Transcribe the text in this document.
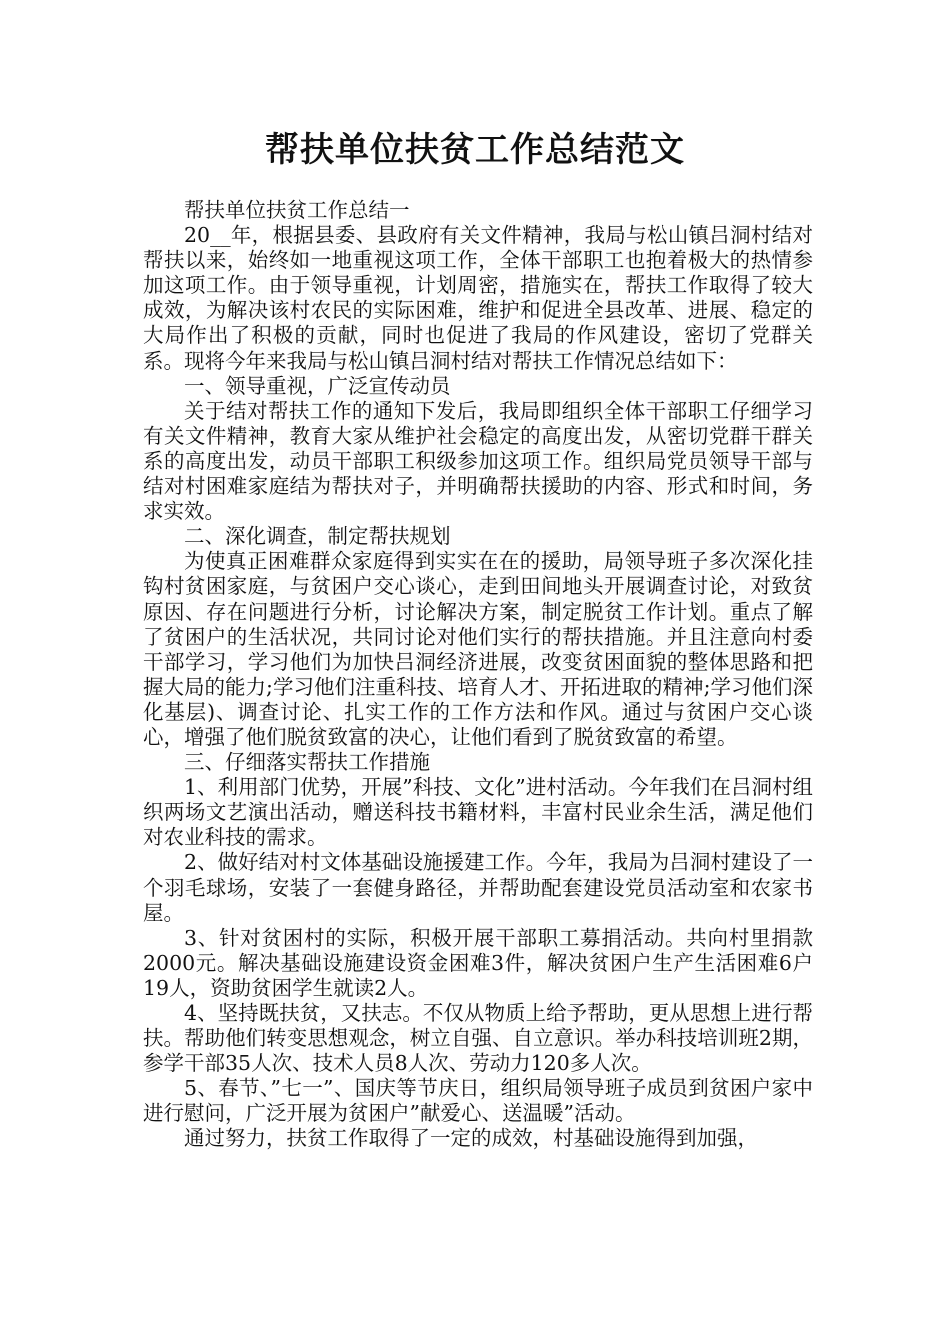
帮扶单位扶贫工作总结范文

帮扶单位扶贫工作总结一

20__年，根据县委、县政府有关文件精神，我局与松山镇吕洞村结对帮扶以来，始终如一地重视这项工作，全体干部职工也抱着极大的热情参加这项工作。由于领导重视，计划周密，措施实在，帮扶工作取得了较大成效，为解决该村农民的实际困难，维护和促进全县改革、进展、稳定的大局作出了积极的贡献，同时也促进了我局的作风建设，密切了党群关系。现将今年来我局与松山镇吕洞村结对帮扶工作情况总结如下：

一、领导重视，广泛宣传动员

关于结对帮扶工作的通知下发后，我局即组织全体干部职工仔细学习有关文件精神，教育大家从维护社会稳定的高度出发，从密切党群干群关系的高度出发，动员干部职工积级参加这项工作。组织局党员领导干部与结对村困难家庭结为帮扶对子，并明确帮扶援助的内容、形式和时间，务求实效。

二、深化调查，制定帮扶规划

为使真正困难群众家庭得到实实在在的援助，局领导班子多次深化挂钩村贫困家庭，与贫困户交心谈心，走到田间地头开展调查讨论，对致贫原因、存在问题进行分析，讨论解决方案，制定脱贫工作计划。重点了解了贫困户的生活状况，共同讨论对他们实行的帮扶措施。并且注意向村委干部学习，学习他们为加快吕洞经济进展，改变贫困面貌的整体思路和把握大局的能力;学习他们注重科技、培育人才、开拓进取的精神;学习他们深化基层)、调查讨论、扎实工作的工作方法和作风。通过与贫困户交心谈心，增强了他们脱贫致富的决心，让他们看到了脱贫致富的希望。

三、仔细落实帮扶工作措施

1、利用部门优势，开展”科技、文化”进村活动。今年我们在吕洞村组织两场文艺演出活动，赠送科技书籍材料，丰富村民业余生活，满足他们对农业科技的需求。

2、做好结对村文体基础设施援建工作。今年，我局为吕洞村建设了一个羽毛球场，安装了一套健身路径，并帮助配套建设党员活动室和农家书屋。

3、针对贫困村的实际，积极开展干部职工募捐活动。共向村里捐款2000元。解决基础设施建设资金困难3件，解决贫困户生产生活困难6户19人，资助贫困学生就读2人。

4、坚持既扶贫，又扶志。不仅从物质上给予帮助，更从思想上进行帮扶。帮助他们转变思想观念，树立自强、自立意识。举办科技培训班2期，参学干部35人次、技术人员8人次、劳动力120多人次。

5、春节、”七一”、国庆等节庆日，组织局领导班子成员到贫困户家中进行慰问，广泛开展为贫困户”献爱心、送温暖”活动。

通过努力，扶贫工作取得了一定的成效，村基础设施得到加强，
